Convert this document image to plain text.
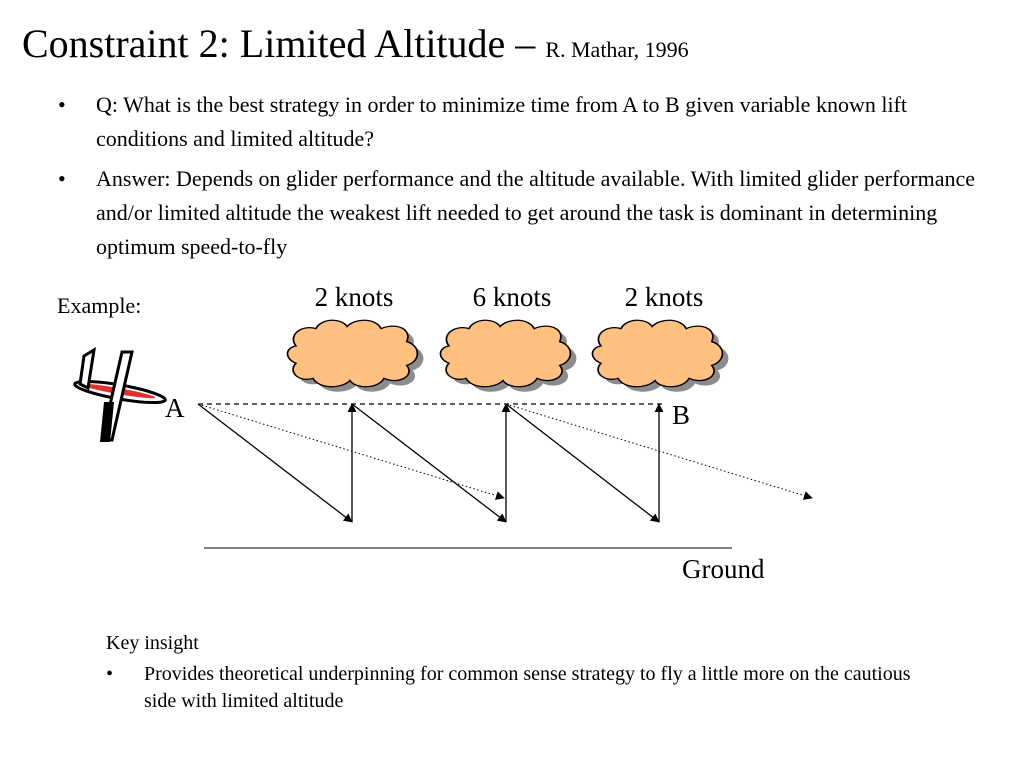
Constraint 2: Limited Altitude – R. Mathar, 1996
• Q: What is the best strategy in order to minimize time from A to B given variable known lift conditions and limited altitude?
• Answer: Depends on glider performance and the altitude available. With limited glider performance and/or limited altitude the weakest lift needed to get around the task is dominant in determining optimum speed-to-fly
Example:	2 knots	6 knots	2 knots
A	B
Ground
Key insight
• Provides theoretical underpinning for common sense strategy to fly a little more on the cautious side with limited altitude
